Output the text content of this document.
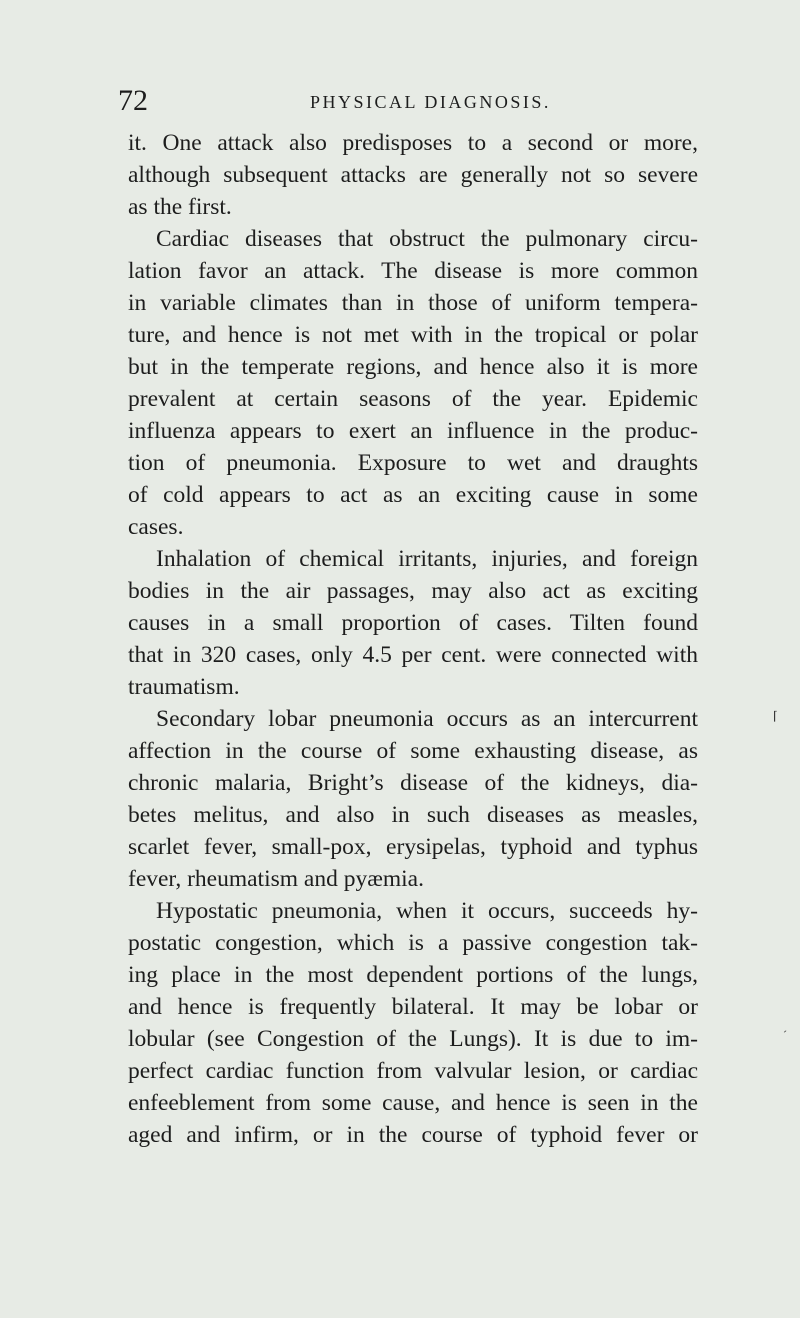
72	PHYSICAL DIAGNOSIS.
it. One attack also predisposes to a second or more,
although subsequent attacks are generally not so severe
as the first.
Cardiac diseases that obstruct the pulmonary circu-
lation favor an attack. The disease is more common
in variable climates than in those of uniform tempera-
ture, and hence is not met with in the tropical or polar
but in the temperate regions, and hence also it is more
prevalent at certain seasons of the year. Epidemic
influenza appears to exert an influence in the produc-
tion of pneumonia. Exposure to wet and draughts
of cold appears to act as an exciting cause in some
cases.
Inhalation of chemical irritants, injuries, and foreign
bodies in the air passages, may also act as exciting
causes in a small proportion of cases. Tilten found
that in 320 cases, only 4.5 per cent. were connected with
traumatism.
Secondary lobar pneumonia occurs as an intercurrent
affection in the course of some exhausting disease, as
chronic malaria, Bright’s disease of the kidneys, dia-
betes melitus, and also in such diseases as measles,
scarlet fever, small-pox, erysipelas, typhoid and typhus
fever, rheumatism and pyæmia.
Hypostatic pneumonia, when it occurs, succeeds hy-
postatic congestion, which is a passive congestion tak-
ing place in the most dependent portions of the lungs,
and hence is frequently bilateral. It may be lobar or
lobular (see Congestion of the Lungs). It is due to im-
perfect cardiac function from valvular lesion, or cardiac
enfeeblement from some cause, and hence is seen in the
aged and infirm, or in the course of typhoid fever or
⌈
´
